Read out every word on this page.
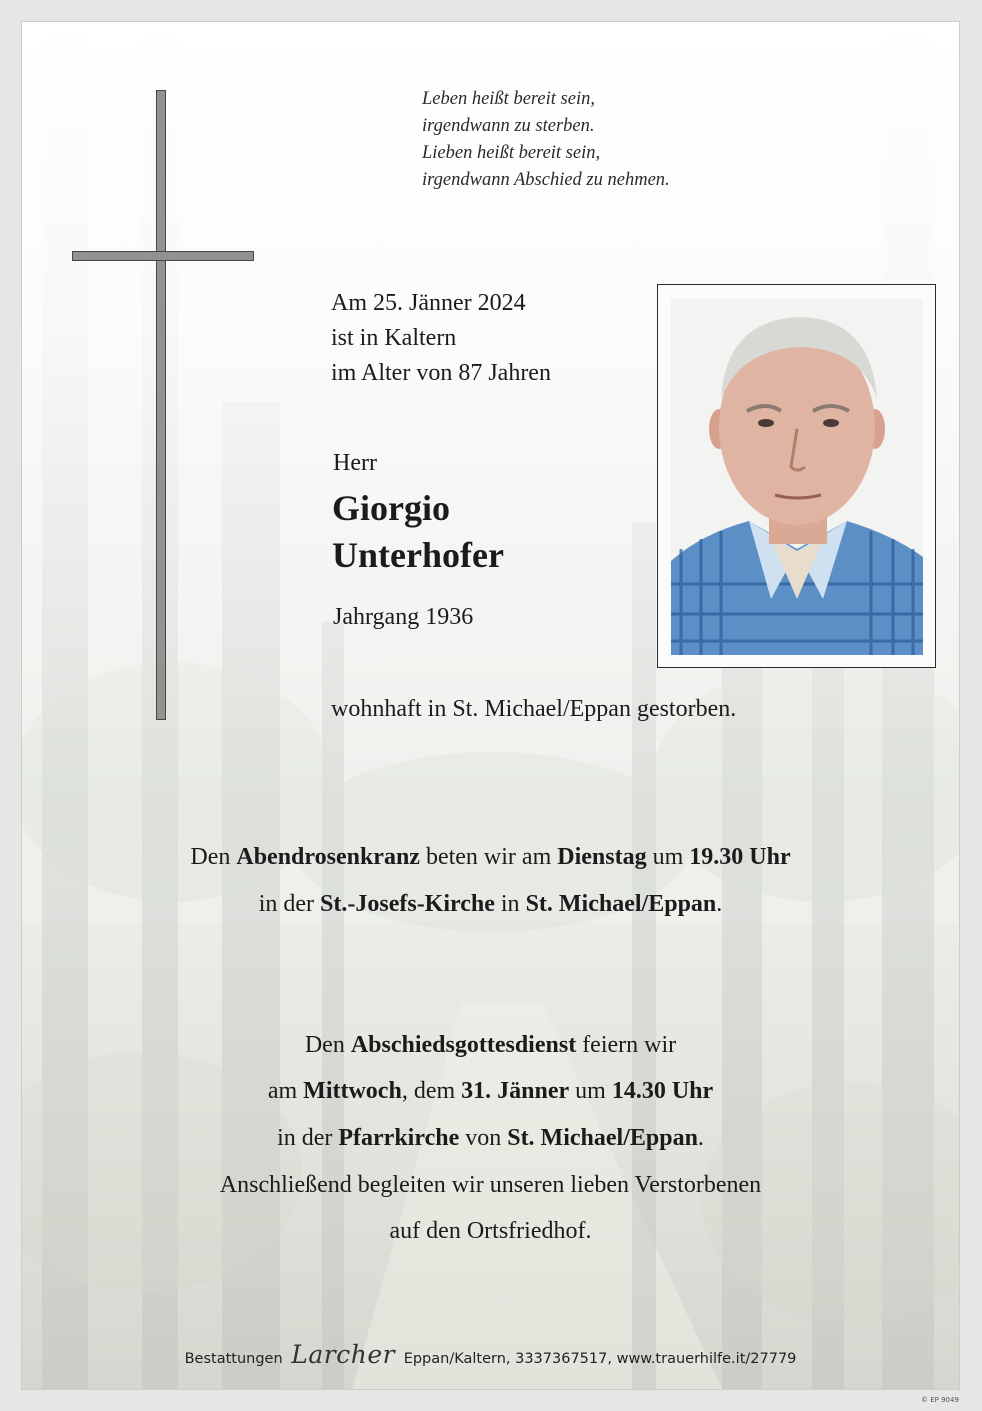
Leben heißt bereit sein,
irgendwann zu sterben.
Lieben heißt bereit sein,
irgendwann Abschied zu nehmen.
Am 25. Jänner 2024
ist in Kaltern
im Alter von 87 Jahren
Herr
Giorgio
Unterhofer
Jahrgang 1936
wohnhaft in St. Michael/Eppan gestorben.
Den Abendrosenkranz beten wir am Dienstag um 19.30 Uhr
in der St.-Josefs-Kirche in St. Michael/Eppan.
Den Abschiedsgottesdienst feiern wir
am Mittwoch, dem 31. Jänner um 14.30 Uhr
in der Pfarrkirche von St. Michael/Eppan.
Anschließend begleiten wir unseren lieben Verstorbenen
auf den Ortsfriedhof.
Bestattungen Larcher Eppan/Kaltern, 3337367517, www.trauerhilfe.it/27779
© EP 9049
